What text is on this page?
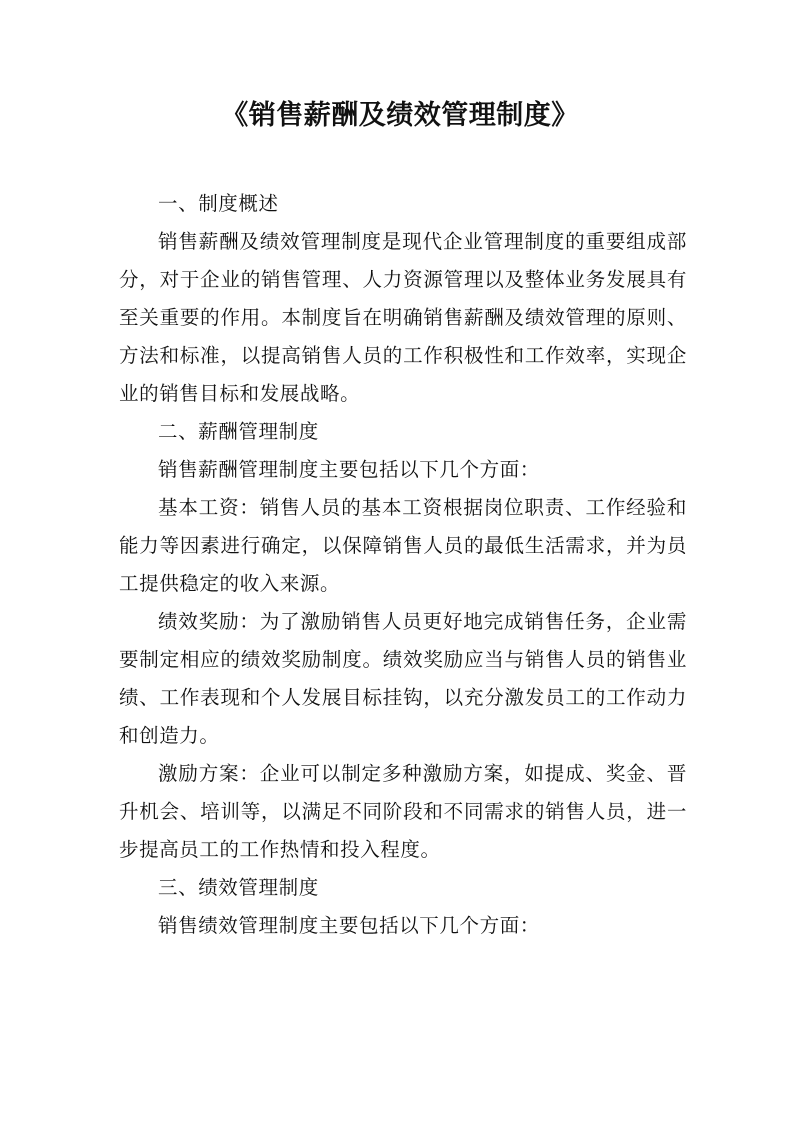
《销售薪酬及绩效管理制度》

一、制度概述

销售薪酬及绩效管理制度是现代企业管理制度的重要组成部分，对于企业的销售管理、人力资源管理以及整体业务发展具有至关重要的作用。本制度旨在明确销售薪酬及绩效管理的原则、方法和标准，以提高销售人员的工作积极性和工作效率，实现企业的销售目标和发展战略。

二、薪酬管理制度

销售薪酬管理制度主要包括以下几个方面：

基本工资：销售人员的基本工资根据岗位职责、工作经验和能力等因素进行确定，以保障销售人员的最低生活需求，并为员工提供稳定的收入来源。

绩效奖励：为了激励销售人员更好地完成销售任务，企业需要制定相应的绩效奖励制度。绩效奖励应当与销售人员的销售业绩、工作表现和个人发展目标挂钩，以充分激发员工的工作动力和创造力。

激励方案：企业可以制定多种激励方案，如提成、奖金、晋升机会、培训等，以满足不同阶段和不同需求的销售人员，进一步提高员工的工作热情和投入程度。

三、绩效管理制度

销售绩效管理制度主要包括以下几个方面：
